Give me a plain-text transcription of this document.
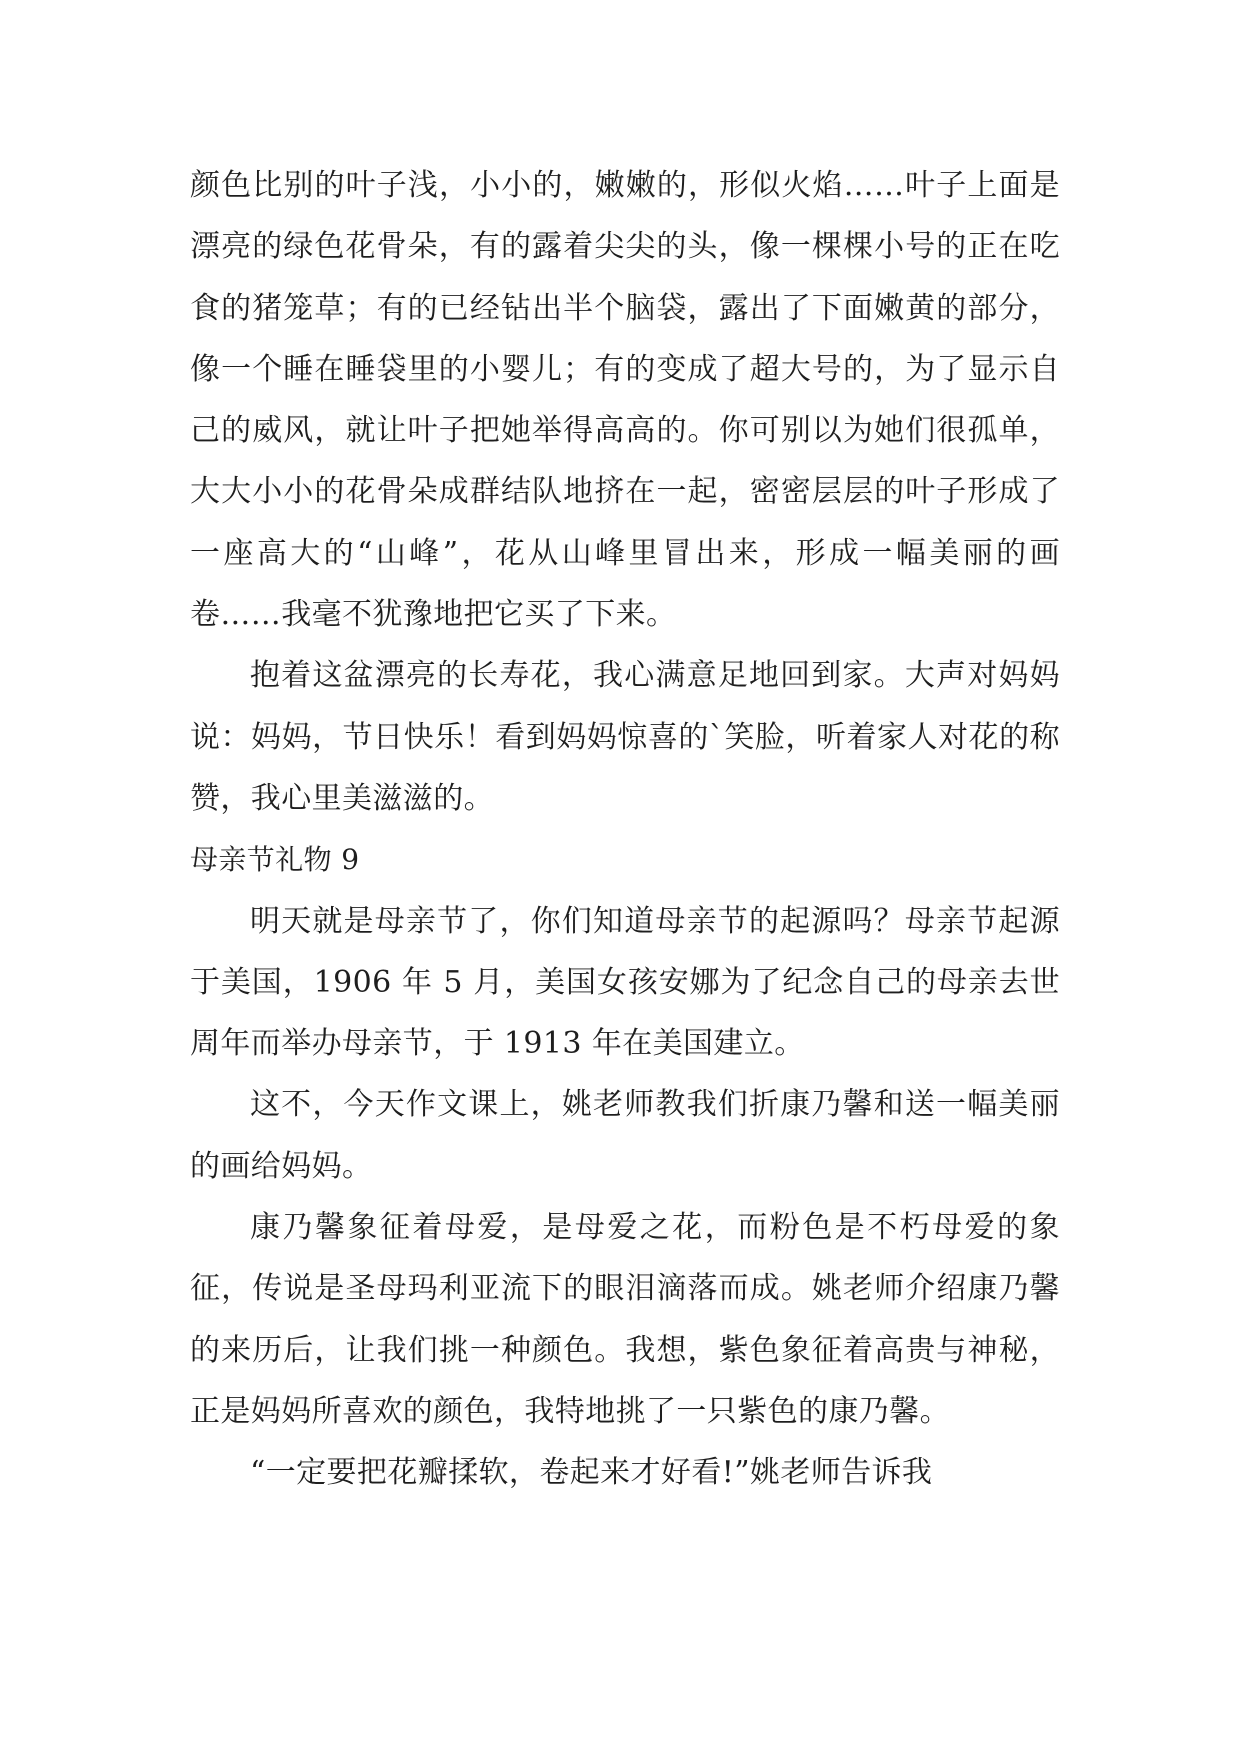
颜色比别的叶子浅，小小的，嫩嫩的，形似火焰……叶子上面是漂亮的绿色花骨朵，有的露着尖尖的头，像一棵棵小号的正在吃食的猪笼草；有的已经钻出半个脑袋，露出了下面嫩黄的部分，像一个睡在睡袋里的小婴儿；有的变成了超大号的，为了显示自己的威风，就让叶子把她举得高高的。你可别以为她们很孤单，大大小小的花骨朵成群结队地挤在一起，密密层层的叶子形成了一座高大的“山峰”，花从山峰里冒出来，形成一幅美丽的画卷……我毫不犹豫地把它买了下来。

抱着这盆漂亮的长寿花，我心满意足地回到家。大声对妈妈说：妈妈，节日快乐！看到妈妈惊喜的`笑脸，听着家人对花的称赞，我心里美滋滋的。

母亲节礼物 9

明天就是母亲节了，你们知道母亲节的起源吗？母亲节起源于美国，1906 年 5 月，美国女孩安娜为了纪念自己的母亲去世周年而举办母亲节，于 1913 年在美国建立。

这不，今天作文课上，姚老师教我们折康乃馨和送一幅美丽的画给妈妈。

康乃馨象征着母爱，是母爱之花，而粉色是不朽母爱的象征，传说是圣母玛利亚流下的眼泪滴落而成。姚老师介绍康乃馨的来历后，让我们挑一种颜色。我想，紫色象征着高贵与神秘，正是妈妈所喜欢的颜色，我特地挑了一只紫色的康乃馨。

“一定要把花瓣揉软，卷起来才好看!”姚老师告诉我
